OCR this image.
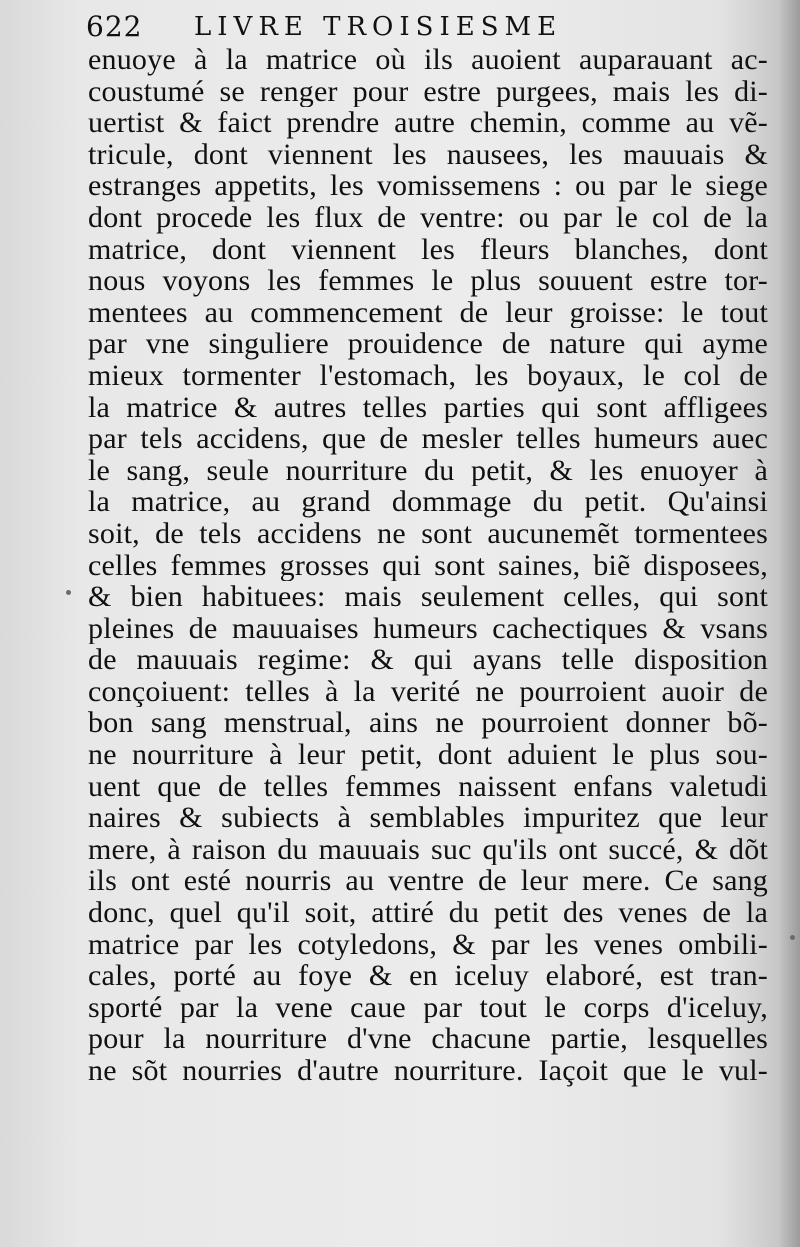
622 LIVRE TROISIESME
enuoye à la matrice où ils auoient auparauant ac-
coustumé se renger pour estre purgees, mais les di-
uertist & faict prendre autre chemin, comme au vẽ-
tricule, dont viennent les nausees, les mauuais &
estranges appetits, les vomissemens : ou par le siege
dont procede les flux de ventre: ou par le col de la
matrice, dont viennent les fleurs blanches, dont
nous voyons les femmes le plus souuent estre tor-
mentees au commencement de leur groisse: le tout
par vne singuliere prouidence de nature qui ayme
mieux tormenter l'estomach, les boyaux, le col de
la matrice & autres telles parties qui sont affligees
par tels accidens, que de mesler telles humeurs auec
le sang, seule nourriture du petit, & les enuoyer à
la matrice, au grand dommage du petit. Qu'ainsi
soit, de tels accidens ne sont aucunemẽt tormentees
celles femmes grosses qui sont saines, biẽ disposees,
& bien habituees: mais seulement celles, qui sont
pleines de mauuaises humeurs cachectiques & vsans
de mauuais regime: & qui ayans telle disposition
conçoiuent: telles à la verité ne pourroient auoir de
bon sang menstrual, ains ne pourroient donner bõ-
ne nourriture à leur petit, dont aduient le plus sou-
uent que de telles femmes naissent enfans valetudi
naires & subiects à semblables impuritez que leur
mere, à raison du mauuais suc qu'ils ont succé, & dõt
ils ont esté nourris au ventre de leur mere. Ce sang
donc, quel qu'il soit, attiré du petit des venes de la
matrice par les cotyledons, & par les venes ombili-
cales, porté au foye & en iceluy elaboré, est tran-
sporté par la vene caue par tout le corps d'iceluy,
pour la nourriture d'vne chacune partie, lesquelles
ne sõt nourries d'autre nourriture. Iaçoit que le vul-
